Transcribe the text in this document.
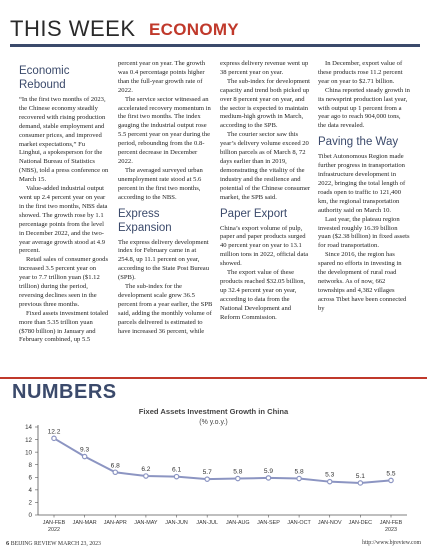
THIS WEEK ECONOMY
Economic Rebound

“In the first two months of 2023, the Chinese economy steadily recovered with rising production demand, stable employment and consumer prices, and improved market expectations,” Fu Linghui, a spokesperson for the National Bureau of Statistics (NBS), told a press conference on March 15.

Value-added industrial output went up 2.4 percent year on year in the first two months, NBS data showed. The growth rose by 1.1 percentage points from the level in December 2022, and the two-year average growth stood at 4.9 percent.

Retail sales of consumer goods increased 3.5 percent year on year to 7.7 trillion yuan ($1.12 trillion) during the period, reversing declines seen in the previous three months.

Fixed assets investment totaled more than 5.35 trillion yuan ($780 billion) in January and February combined, up 5.5

percent year on year. The growth was 0.4 percentage points higher than the full-year growth rate of 2022.

The service sector witnessed an accelerated recovery momentum in the first two months. The index gauging the industrial output rose 5.5 percent year on year during the period, rebounding from the 0.8-percent decrease in December 2022.

The averaged surveyed urban unemployment rate stood at 5.6 percent in the first two months, according to the NBS.

Express Expansion

The express delivery development index for February came in at 254.8, up 11.1 percent on year, according to the State Post Bureau (SPB).

The sub-index for the development scale grew 36.5 percent from a year earlier, the SPB said, adding the monthly volume of parcels delivered is estimated to have increased 36 percent, while

express delivery revenue went up 38 percent year on year.

The sub-index for development capacity and trend both picked up over 8 percent year on year, and the sector is expected to maintain medium-high growth in March, according to the SPB.

The courier sector saw this year’s delivery volume exceed 20 billion parcels as of March 8, 72 days earlier than in 2019, demonstrating the vitality of the industry and the resilience and potential of the Chinese consumer market, the SPB said.

Paper Export

China’s export volume of pulp, paper and paper products surged 40 percent year on year to 13.1 million tons in 2022, official data showed.

The export value of these products reached $32.05 billion, up 32.4 percent year on year, according to data from the National Development and Reform Commission.

In December, export value of these products rose 11.2 percent year on year to $2.71 billion.

China reported steady growth in its newsprint production last year, with output up 1 percent from a year ago to reach 904,000 tons, the data revealed.

Paving the Way

Tibet Autonomous Region made further progress in transportation infrastructure development in 2022, bringing the total length of roads open to traffic to 121,400 km, the regional transportation authority said on March 10.

Last year, the plateau region invested roughly 16.39 billion yuan ($2.38 billion) in fixed assets for road transportation.

Since 2016, the region has spared no efforts in investing in the development of rural road networks. As of now, 662 townships and 4,382 villages across Tibet have been connected by

NUMBERS
Fixed Assets Investment Growth in China
(% y.o.y.)
0
2
4
6
8
10
12
14
JAN-FEB
2022
JAN-MAR JAN-APR JAN-MAY JAN-JUN JAN-JUL JAN-AUG JAN-SEP JAN-OCT JAN-NOV JAN-DEC JAN-FEB
2023
12.2
9.3
6.8
6.2	6.1	5.7	5.8	5.9	5.8	5.3	5.1	5.5
6 BEIJING REVIEW MARCH 23, 2023	http://www.bjreview.com
